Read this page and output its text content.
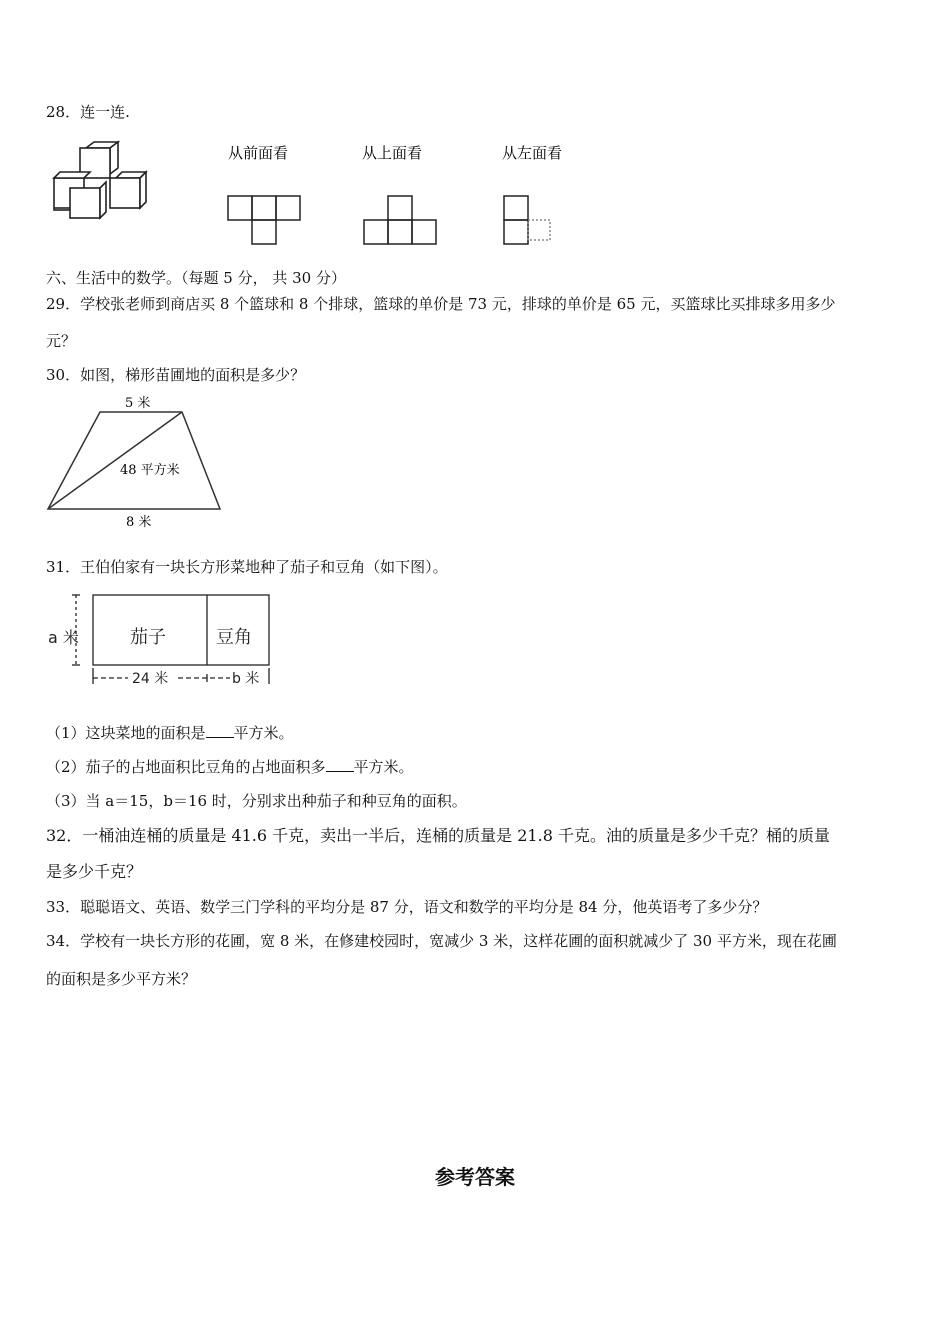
28．连一连.
从前面看	从上面看	从左面看
六、生活中的数学。（每题 5 分， 共 30 分）
29．学校张老师到商店买 8 个篮球和 8 个排球，篮球的单价是 73 元，排球的单价是 65 元，买篮球比买排球多用多少
元？
30．如图，梯形苗圃地的面积是多少？
5 米
48 平方米
8 米
31．王伯伯家有一块长方形菜地种了茄子和豆角（如下图）。
a 米	茄子	豆角
24 米	b 米
（1）这块菜地的面积是 平方米。
（2）茄子的占地面积比豆角的占地面积多 平方米。
（3）当 a＝15，b＝16 时，分别求出种茄子和种豆角的面积。
32．一桶油连桶的质量是 41.6 千克，卖出一半后，连桶的质量是 21.8 千克。油的质量是多少千克？桶的质量
是多少千克？
33．聪聪语文、英语、数学三门学科的平均分是 87 分，语文和数学的平均分是 84 分，他英语考了多少分？
34．学校有一块长方形的花圃，宽 8 米，在修建校园时，宽减少 3 米，这样花圃的面积就减少了 30 平方米，现在花圃
的面积是多少平方米？
参考答案
